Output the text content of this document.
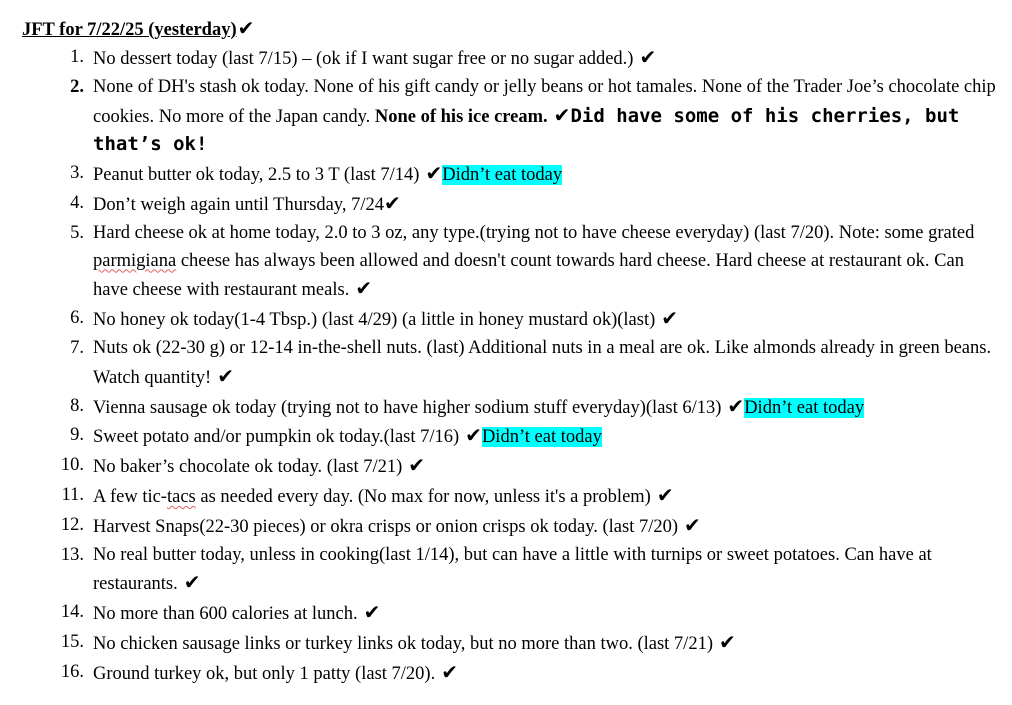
JFT for 7/22/25 (yesterday)✔
1. No dessert today (last 7/15) – (ok if I want sugar free or no sugar added.) ✔
2. None of DH's stash ok today. None of his gift candy or jelly beans or hot tamales. None of the Trader Joe’s chocolate chip cookies. No more of the Japan candy. None of his ice cream. ✔Did have some of his cherries, but that’s ok!
3. Peanut butter ok today, 2.5 to 3 T (last 7/14) ✔Didn’t eat today
4. Don’t weigh again until Thursday, 7/24✔
5. Hard cheese ok at home today, 2.0 to 3 oz, any type.(trying not to have cheese everyday) (last 7/20). Note: some grated parmigiana cheese has always been allowed and doesn't count towards hard cheese. Hard cheese at restaurant ok. Can have cheese with restaurant meals. ✔
6. No honey ok today(1-4 Tbsp.) (last 4/29) (a little in honey mustard ok)(last) ✔
7. Nuts ok (22-30 g) or 12-14 in-the-shell nuts. (last) Additional nuts in a meal are ok. Like almonds already in green beans. Watch quantity! ✔
8. Vienna sausage ok today (trying not to have higher sodium stuff everyday)(last 6/13) ✔Didn’t eat today
9. Sweet potato and/or pumpkin ok today.(last 7/16) ✔Didn’t eat today
10. No baker’s chocolate ok today. (last 7/21) ✔
11. A few tic-tacs as needed every day. (No max for now, unless it's a problem) ✔
12. Harvest Snaps(22-30 pieces) or okra crisps or onion crisps ok today. (last 7/20) ✔
13. No real butter today, unless in cooking(last 1/14), but can have a little with turnips or sweet potatoes. Can have at restaurants. ✔
14. No more than 600 calories at lunch. ✔
15. No chicken sausage links or turkey links ok today, but no more than two. (last 7/21) ✔
16. Ground turkey ok, but only 1 patty (last 7/20). ✔
